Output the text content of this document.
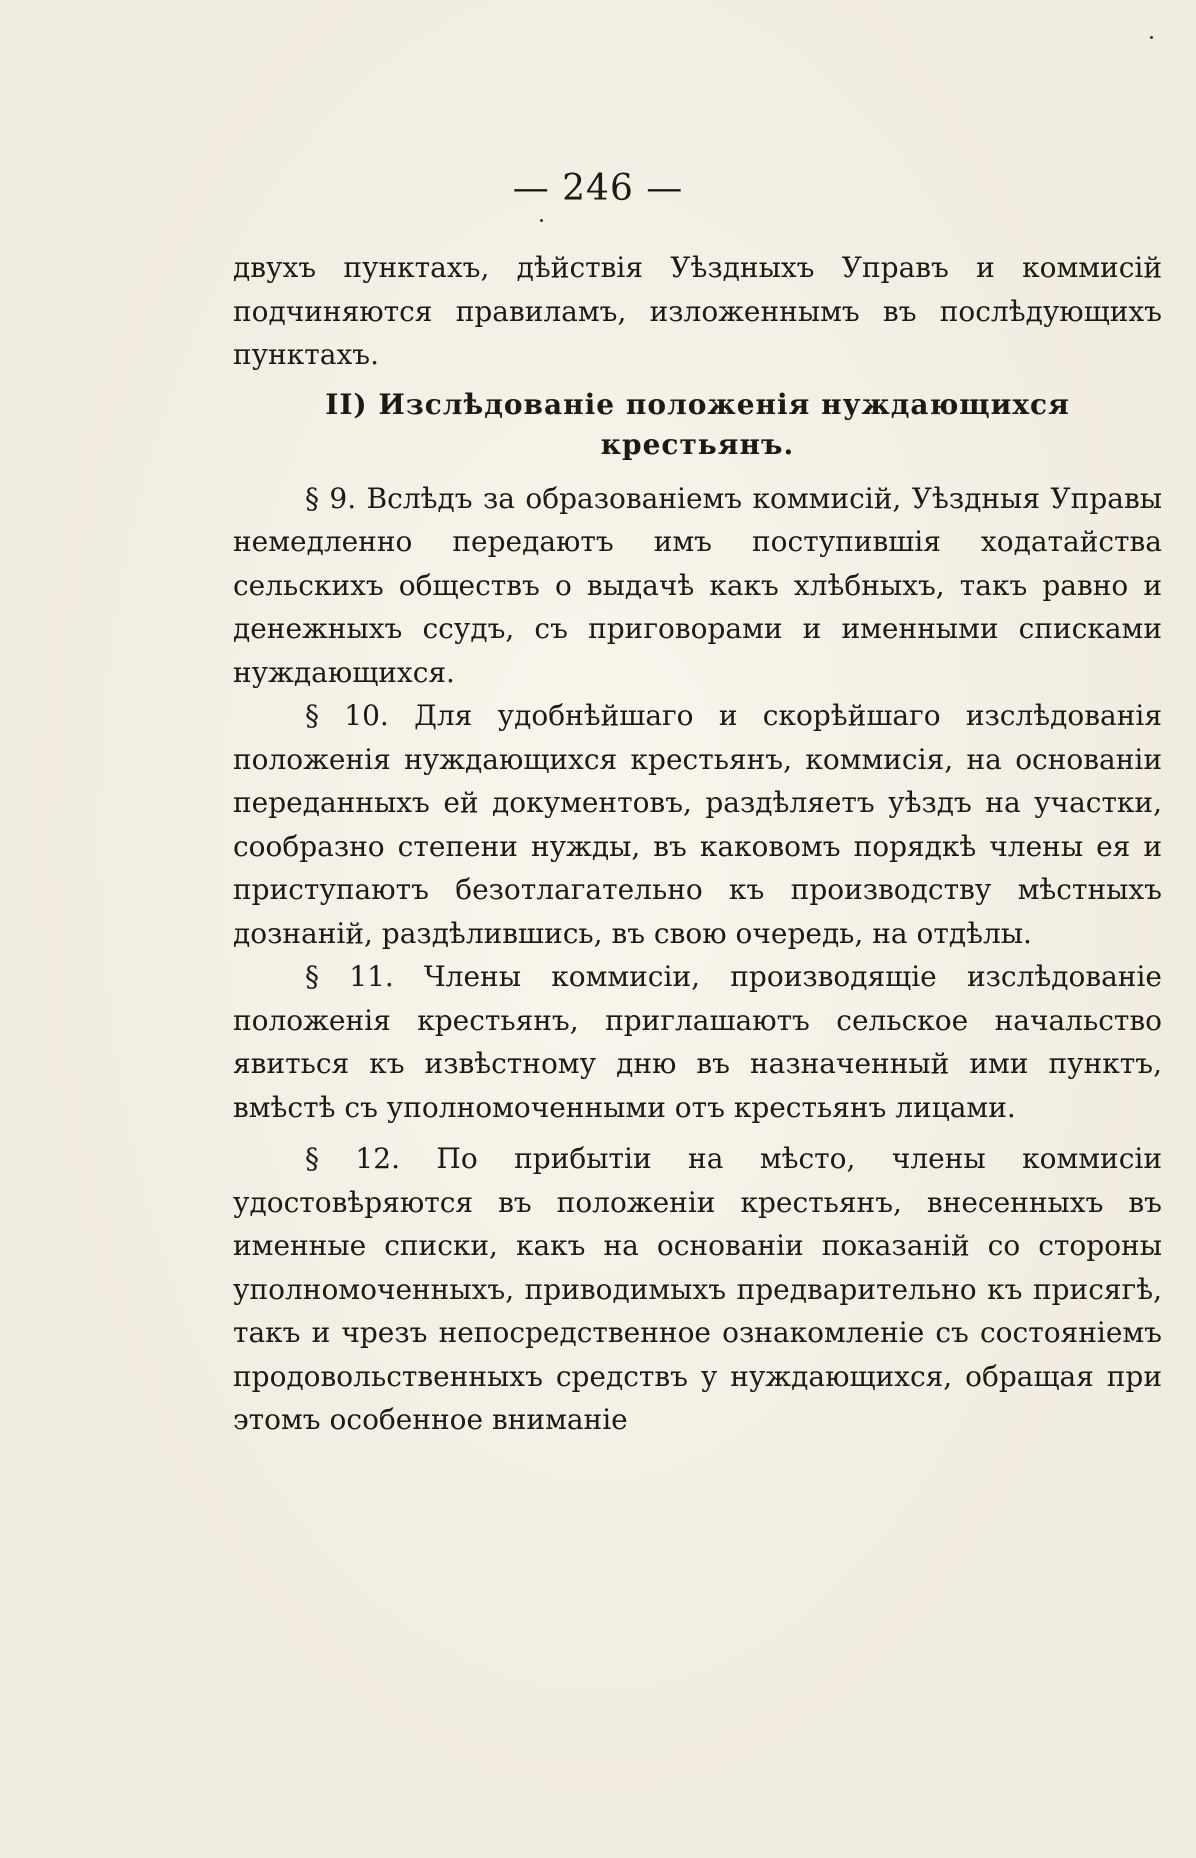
— 246 —

двухъ пунктахъ, дѣйствія Уѣздныхъ Управъ и коммисій подчиняются правиламъ, изложеннымъ въ послѣдующихъ пунктахъ.

II) Изслѣдованіе положенія нуждающихся крестьянъ.

§ 9. Вслѣдъ за образованіемъ коммисій, Уѣздныя Управы немедленно передаютъ имъ поступившія ходатайства сельскихъ обществъ о выдачѣ какъ хлѣбныхъ, такъ равно и денежныхъ ссудъ, съ приговорами и именными списками нуждающихся.

§ 10. Для удобнѣйшаго и скорѣйшаго изслѣдованія положенія нуждающихся крестьянъ, коммисія, на основаніи переданныхъ ей документовъ, раздѣляетъ уѣздъ на участки, сообразно степени нужды, въ каковомъ порядкѣ члены ея и приступаютъ безотлагательно къ производству мѣстныхъ дознаній, раздѣлившись, въ свою очередь, на отдѣлы.

§ 11. Члены коммисіи, производящіе изслѣдованіе положенія крестьянъ, приглашаютъ сельское начальство явиться къ извѣстному дню въ назначенный ими пунктъ, вмѣстѣ съ уполномоченными отъ крестьянъ лицами.

§ 12. По прибытіи на мѣсто, члены коммисіи удостовѣряются въ положеніи крестьянъ, внесенныхъ въ именные списки, какъ на основаніи показаній со стороны уполномоченныхъ, приводимыхъ предварительно къ присягѣ, такъ и чрезъ непосредственное ознакомленіе съ состояніемъ продовольственныхъ средствъ у нуждающихся, обращая при этомъ особенное вниманіе
